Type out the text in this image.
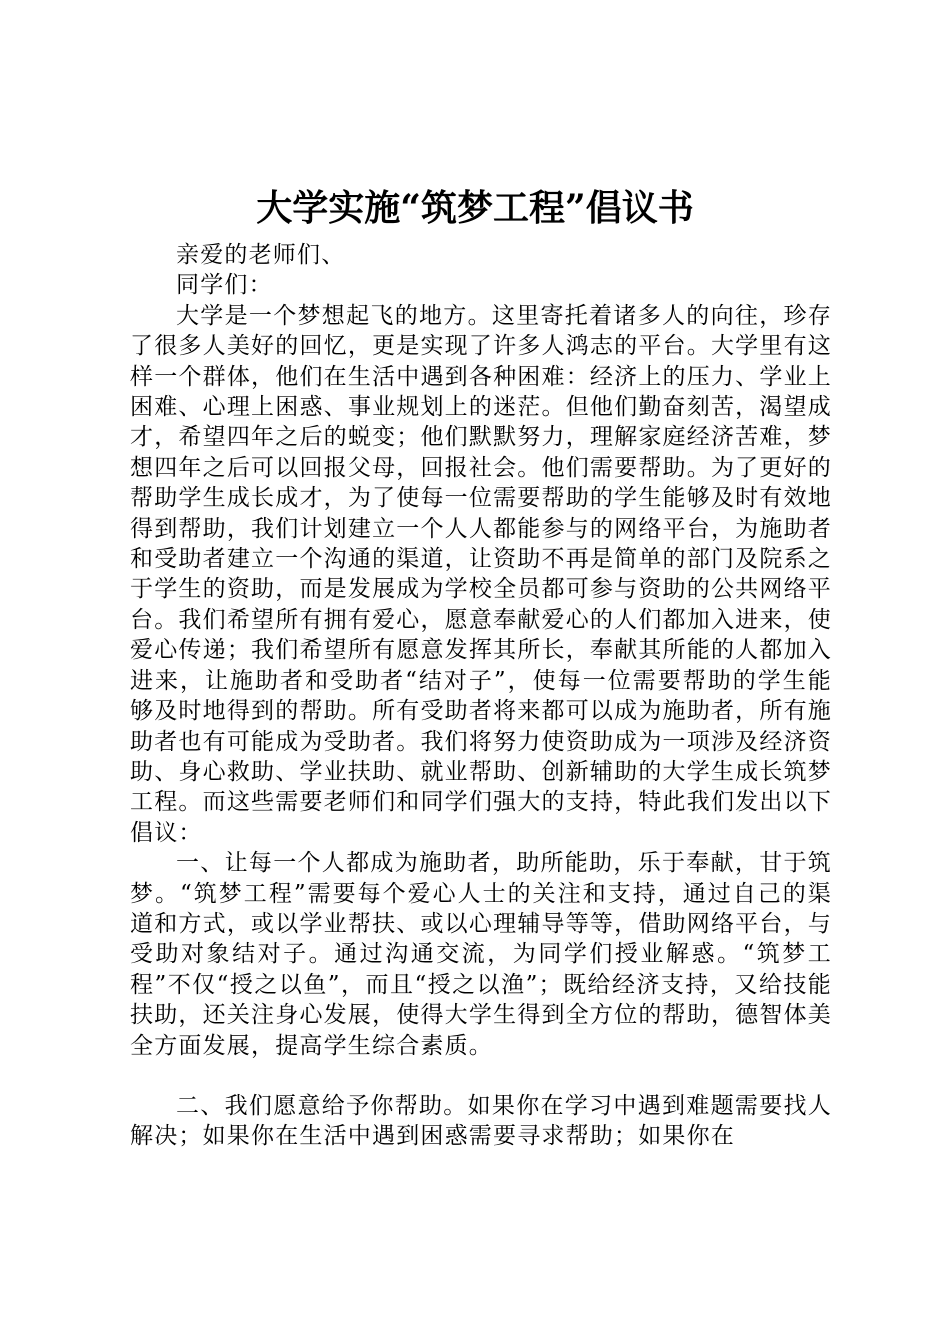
大学实施“筑梦工程”倡议书

亲爱的老师们、

同学们：

大学是一个梦想起飞的地方。这里寄托着诸多人的向往，珍存了很多人美好的回忆，更是实现了许多人鸿志的平台。大学里有这样一个群体，他们在生活中遇到各种困难：经济上的压力、学业上困难、心理上困惑、事业规划上的迷茫。但他们勤奋刻苦，渴望成才，希望四年之后的蜕变；他们默默努力，理解家庭经济苦难，梦想四年之后可以回报父母，回报社会。他们需要帮助。为了更好的帮助学生成长成才，为了使每一位需要帮助的学生能够及时有效地得到帮助，我们计划建立一个人人都能参与的网络平台，为施助者和受助者建立一个沟通的渠道，让资助不再是简单的部门及院系之于学生的资助，而是发展成为学校全员都可参与资助的公共网络平台。我们希望所有拥有爱心，愿意奉献爱心的人们都加入进来，使爱心传递；我们希望所有愿意发挥其所长，奉献其所能的人都加入进来，让施助者和受助者“结对子”，使每一位需要帮助的学生能够及时地得到的帮助。所有受助者将来都可以成为施助者，所有施助者也有可能成为受助者。我们将努力使资助成为一项涉及经济资助、身心救助、学业扶助、就业帮助、创新辅助的大学生成长筑梦工程。而这些需要老师们和同学们强大的支持，特此我们发出以下倡议：

一、让每一个人都成为施助者，助所能助，乐于奉献，甘于筑梦。“筑梦工程”需要每个爱心人士的关注和支持，通过自己的渠道和方式，或以学业帮扶、或以心理辅导等等，借助网络平台，与受助对象结对子。通过沟通交流，为同学们授业解惑。“筑梦工程”不仅“授之以鱼”，而且“授之以渔”；既给经济支持，又给技能扶助，还关注身心发展，使得大学生得到全方位的帮助，德智体美全方面发展，提高学生综合素质。

二、我们愿意给予你帮助。如果你在学习中遇到难题需要找人解决；如果你在生活中遇到困惑需要寻求帮助；如果你在
